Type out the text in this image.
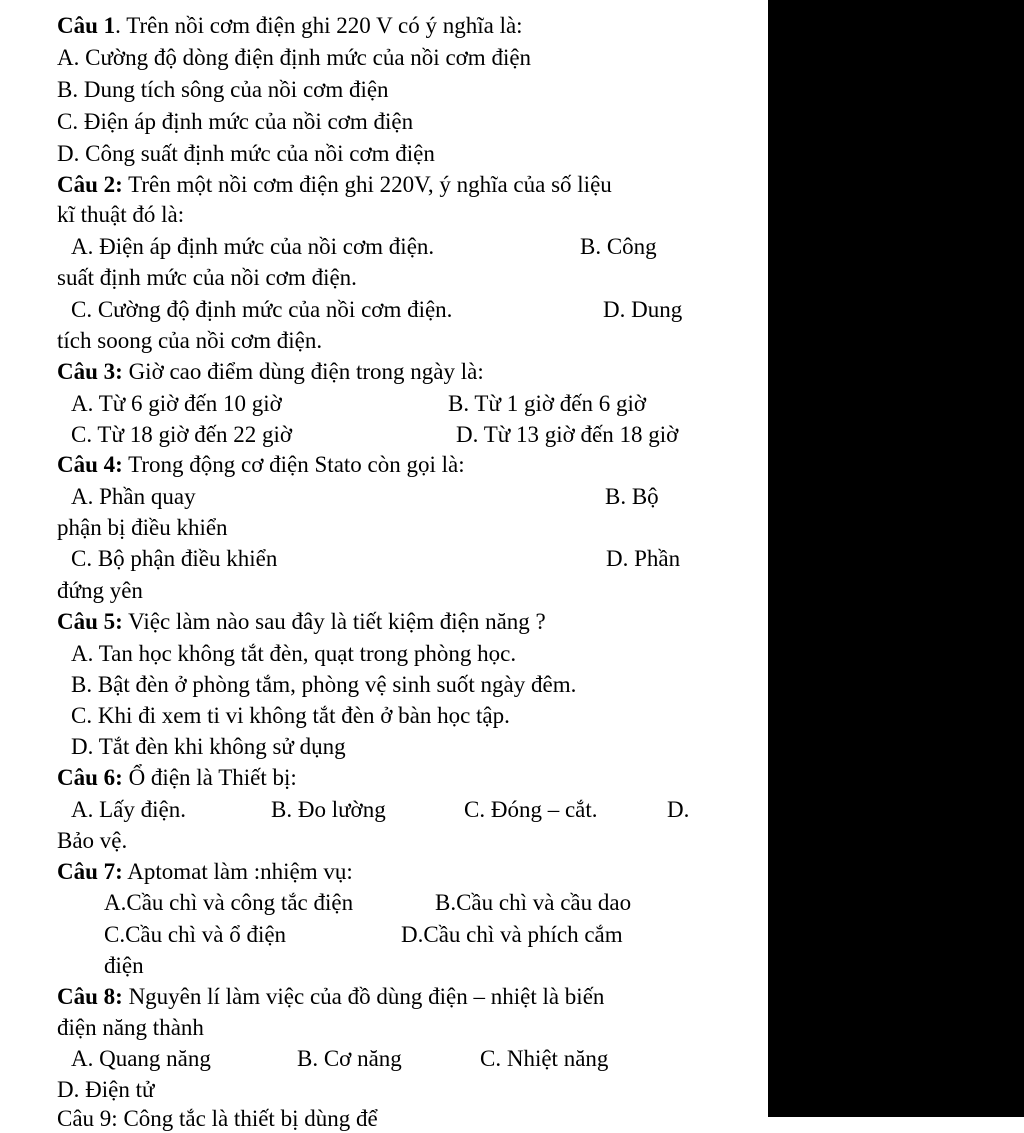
Câu 1. Trên nồi cơm điện ghi 220 V có ý nghĩa là:
A. Cường độ dòng điện định mức của nồi cơm điện
B. Dung tích sông của nồi cơm điện
C. Điện áp định mức của nồi cơm điện
D. Công suất định mức của nồi cơm điện
Câu 2: Trên một nồi cơm điện ghi 220V, ý nghĩa của số liệu
kĩ thuật đó là:
A. Điện áp định mức của nồi cơm điện.	B. Công
suất định mức của nồi cơm điện.
C. Cường độ định mức của nồi cơm điện.	D. Dung
tích soong của nồi cơm điện.
Câu 3: Giờ cao điểm dùng điện trong ngày là:
A. Từ 6 giờ đến 10 giờ	B. Từ 1 giờ đến 6 giờ
C. Từ 18 giờ đến 22 giờ	D. Từ 13 giờ đến 18 giờ
Câu 4: Trong động cơ điện Stato còn gọi là:
A. Phần quay	B. Bộ
phận bị điều khiển
C. Bộ phận điều khiển	D. Phần
đứng yên
Câu 5: Việc làm nào sau đây là tiết kiệm điện năng ?
A. Tan học không tắt đèn, quạt trong phòng học.
B. Bật đèn ở phòng tắm, phòng vệ sinh suốt ngày đêm.
C. Khi đi xem ti vi không tắt đèn ở bàn học tập.
D. Tắt đèn khi không sử dụng
Câu 6: Ổ điện là Thiết bị:
A. Lấy điện.	B. Đo lường	C. Đóng – cắt.	D.
Bảo vệ.
Câu 7: Aptomat làm :nhiệm vụ:
A.Cầu chì và công tắc điện	B.Cầu chì và cầu dao
C.Cầu chì và ổ điện	D.Cầu chì và phích cắm
điện
Câu 8: Nguyên lí làm việc của đồ dùng điện – nhiệt là biến
điện năng thành
A. Quang năng	B. Cơ năng	C. Nhiệt năng
D. Điện tử
Câu 9: Công tắc là thiết bị dùng để
